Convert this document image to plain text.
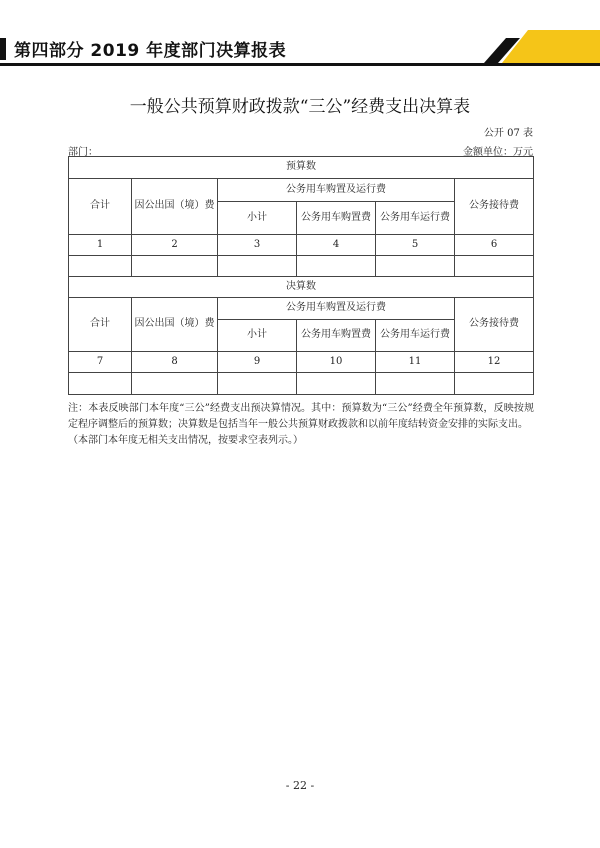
第四部分 2019 年度部门决算报表
一般公共预算财政拨款“三公”经费支出决算表
公开 07 表
部门：	金额单位：万元
预算数					
合计	因公出国（境）费	公务用车购置及运行费			公务接待费
		小计	公务用车购置费	公务用车运行费	
1	2	3	4	5	6

决算数					
合计	因公出国（境）费	公务用车购置及运行费			公务接待费
		小计	公务用车购置费	公务用车运行费	
7	8	9	10	11	12

注：本表反映部门本年度“三公”经费支出预决算情况。其中：预算数为“三公”经费全年预算数，反映按规定程序调整后的预算数；决算数是包括当年一般公共预算财政拨款和以前年度结转资金安排的实际支出。

（本部门本年度无相关支出情况，按要求空表列示。）

- 22 -
